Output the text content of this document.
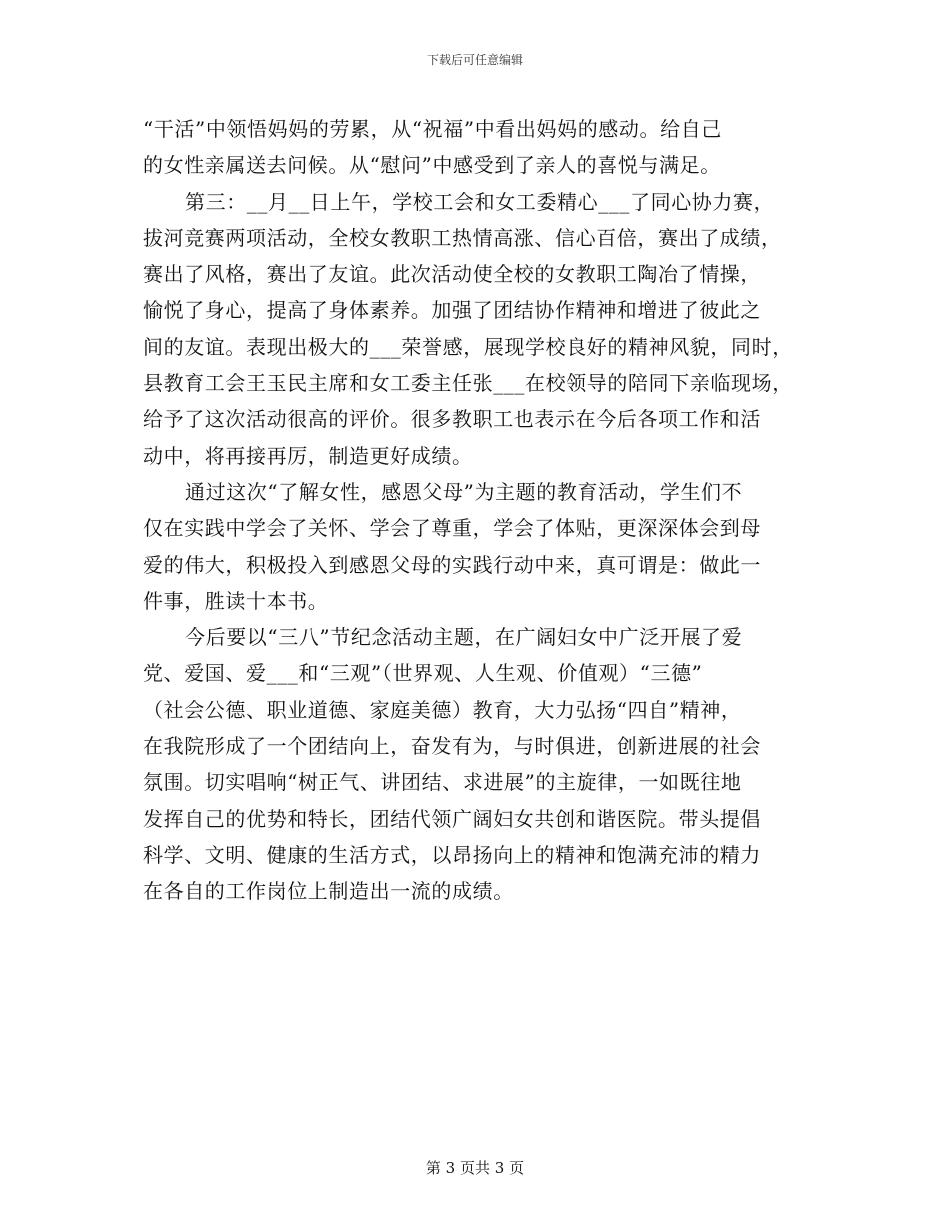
下载后可任意编辑
“干活”中领悟妈妈的劳累，从“祝福”中看出妈妈的感动。给自己
的女性亲属送去问候。从“慰问”中感受到了亲人的喜悦与满足。
第三：__月__日上午，学校工会和女工委精心___了同心协力赛，
拔河竞赛两项活动，全校女教职工热情高涨、信心百倍，赛出了成绩，
赛出了风格，赛出了友谊。此次活动使全校的女教职工陶冶了情操，
愉悦了身心，提高了身体素养。加强了团结协作精神和增进了彼此之
间的友谊。表现出极大的___荣誉感，展现学校良好的精神风貌，同时，
县教育工会王玉民主席和女工委主任张___在校领导的陪同下亲临现场，
给予了这次活动很高的评价。很多教职工也表示在今后各项工作和活
动中，将再接再厉，制造更好成绩。
通过这次“了解女性，感恩父母”为主题的教育活动，学生们不
仅在实践中学会了关怀、学会了尊重，学会了体贴，更深深体会到母
爱的伟大，积极投入到感恩父母的实践行动中来，真可谓是：做此一
件事，胜读十本书。
今后要以“三八”节纪念活动主题，在广阔妇女中广泛开展了爱
党、爱国、爱___和“三观”（世界观、人生观、价值观）“三德”
（社会公德、职业道德、家庭美德）教育，大力弘扬“四自”精神，
在我院形成了一个团结向上，奋发有为，与时俱进，创新进展的社会
氛围。切实唱响“树正气、讲团结、求进展”的主旋律，一如既往地
发挥自己的优势和特长，团结代领广阔妇女共创和谐医院。带头提倡
科学、文明、健康的生活方式，以昂扬向上的精神和饱满充沛的精力
在各自的工作岗位上制造出一流的成绩。
第 3 页共 3 页
